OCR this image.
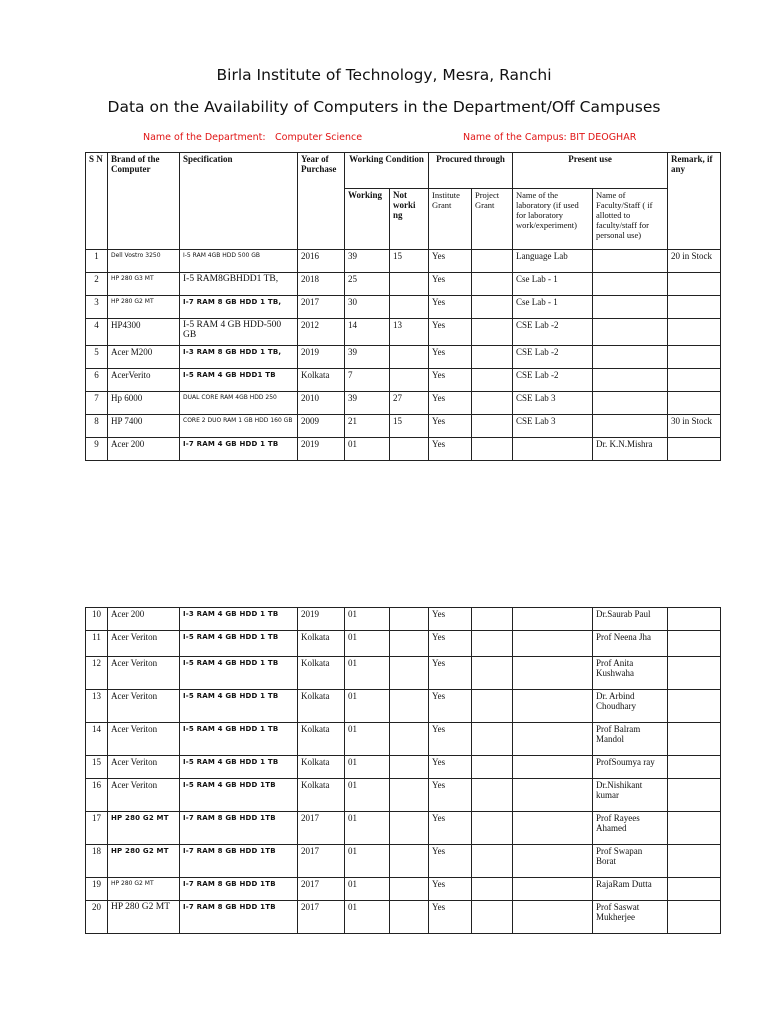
Birla Institute of Technology, Mesra, Ranchi
Data on the Availability of Computers in the Department/Off Campuses
Name of the Department: Computer Science	Name of the Campus: BIT DEOGHAR
S N	Brand of the Computer	Specification	Year of Purchase	Working Condition		Procured through		Present use		Remark, if any
				Working	Not worki ng	Institute Grant	Project Grant	Name of the laboratory (if used for laboratory work/experiment)	Name of Faculty/Staff ( if allotted to faculty/staff for personal use)	
1	Dell Vostro 3250	I-5 RAM 4GB HDD 500 GB	2016	39	15	Yes		Language Lab		20 in Stock
2	HP 280 G3 MT	I-5 RAM8GBHDD1 TB,	2018	25		Yes		Cse Lab - 1		
3	HP 280 G2 MT	I-7 RAM 8 GB HDD 1 TB,	2017	30		Yes		Cse Lab - 1		
4	HP4300	I-5 RAM 4 GB HDD-500 GB	2012	14	13	Yes		CSE Lab -2		
5	Acer M200	I-3 RAM 8 GB HDD 1 TB,	2019	39		Yes		CSE Lab -2		
6	AcerVerito	I-5 RAM 4 GB HDD1 TB	Kolkata	7		Yes		CSE Lab -2		
7	Hp 6000	DUAL CORE RAM 4GB HDD 250	2010	39	27	Yes		CSE Lab 3		
8	HP 7400	CORE 2 DUO RAM 1 GB HDD 160 GB	2009	21	15	Yes		CSE Lab 3		30 in Stock
9	Acer 200	I-7 RAM 4 GB HDD 1 TB	2019	01		Yes			Dr. K.N.Mishra	
10	Acer 200	I-3 RAM 4 GB HDD 1 TB	2019	01		Yes			Dr.Saurab Paul	
11	Acer Veriton	I-5 RAM 4 GB HDD 1 TB	Kolkata	01		Yes			Prof Neena Jha	
12	Acer Veriton	I-5 RAM 4 GB HDD 1 TB	Kolkata	01		Yes			Prof Anita Kushwaha	
13	Acer Veriton	I-5 RAM 4 GB HDD 1 TB	Kolkata	01		Yes			Dr. Arbind Choudhary	
14	Acer Veriton	I-5 RAM 4 GB HDD 1 TB	Kolkata	01		Yes			Prof Balram Mandol	
15	Acer Veriton	I-5 RAM 4 GB HDD 1 TB	Kolkata	01		Yes			ProfSoumya ray	
16	Acer Veriton	I-5 RAM 4 GB HDD 1TB	Kolkata	01		Yes			Dr.Nishikant kumar	
17	HP 280 G2 MT	I-7 RAM 8 GB HDD 1TB	2017	01		Yes			Prof Rayees Ahamed	
18	HP 280 G2 MT	I-7 RAM 8 GB HDD 1TB	2017	01		Yes			Prof Swapan Borat	
19	HP 280 G2 MT	I-7 RAM 8 GB HDD 1TB	2017	01		Yes			RajaRam Dutta	
20	HP 280 G2 MT	I-7 RAM 8 GB HDD 1TB	2017	01		Yes			Prof Saswat Mukherjee	
